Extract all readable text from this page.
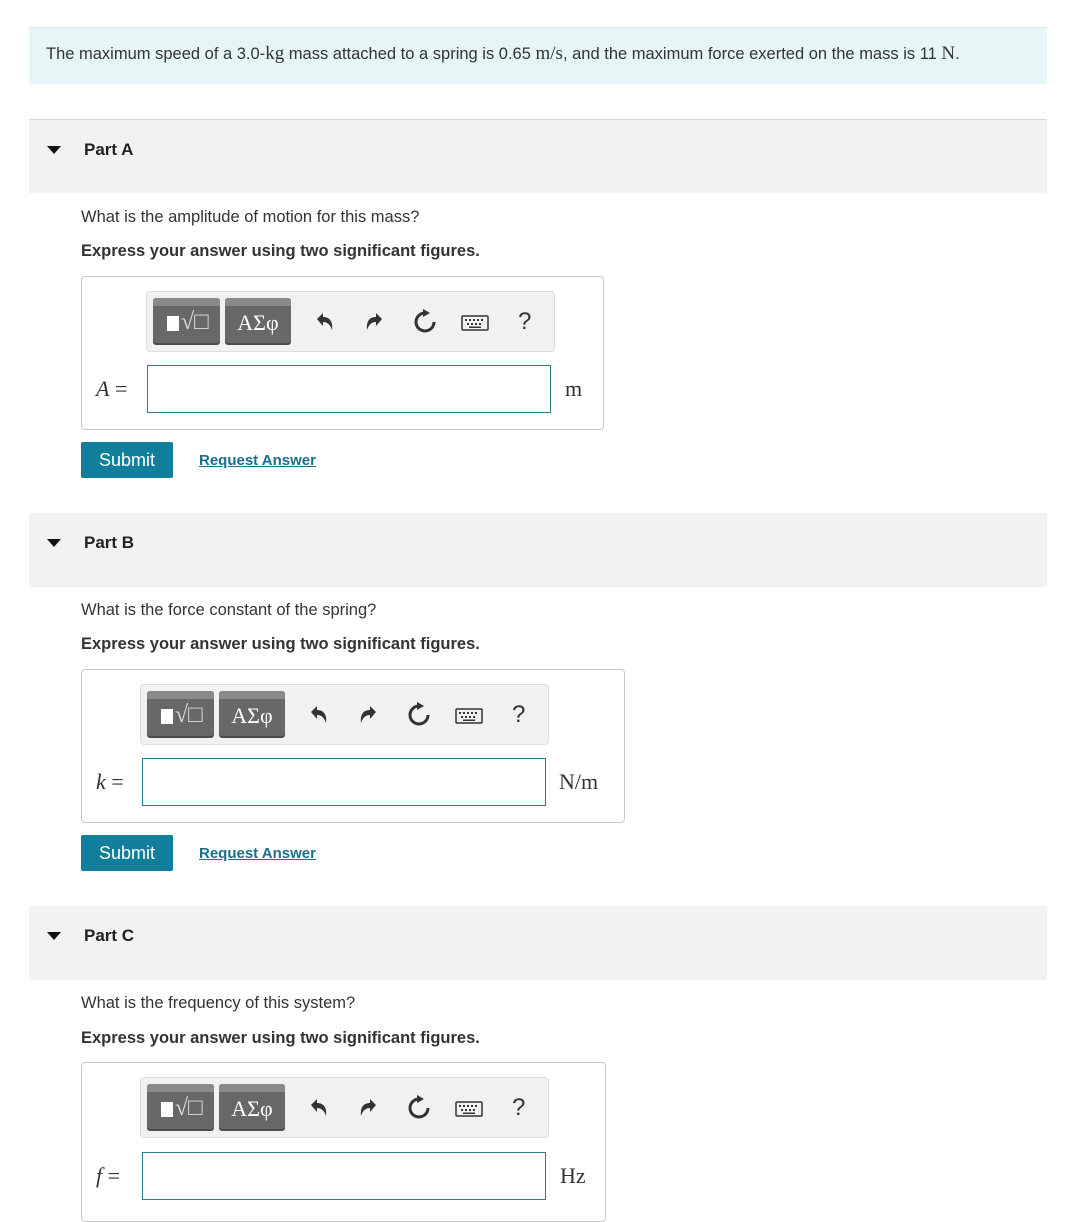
The maximum speed of a 3.0-kg mass attached to a spring is 0.65 m/s, and the maximum force exerted on the mass is 11 N.
Part A
What is the amplitude of motion for this mass?
Express your answer using two significant figures.
√□	ΑΣφ	?
A =	m
Submit	Request Answer
Part B
What is the force constant of the spring?
Express your answer using two significant figures.
√□	ΑΣφ	?
k =	N/m
Submit	Request Answer
Part C
What is the frequency of this system?
Express your answer using two significant figures.
√□	ΑΣφ	?
f =	Hz
